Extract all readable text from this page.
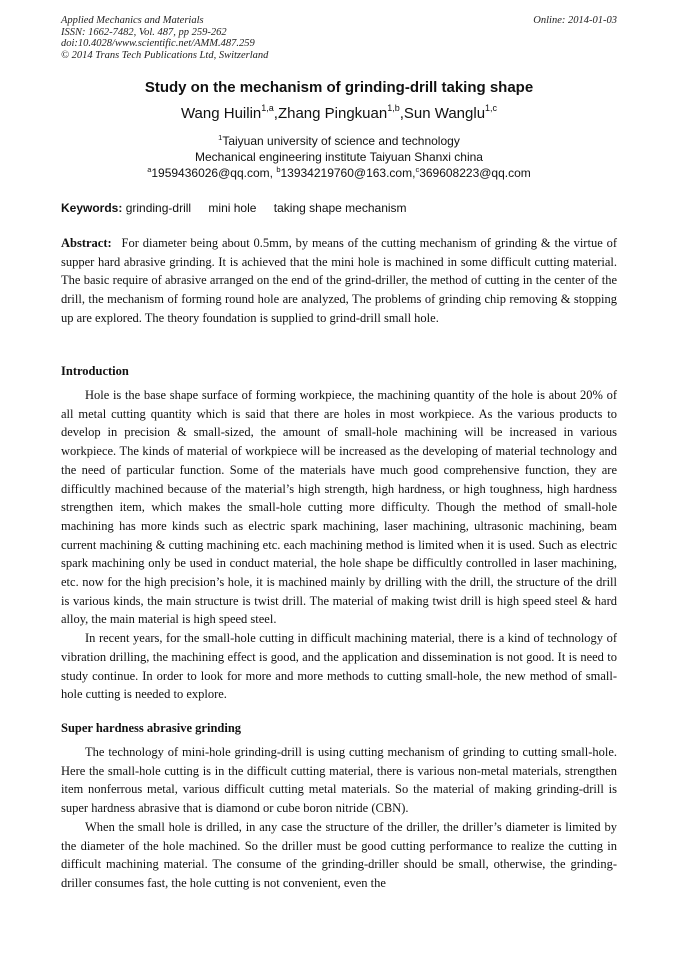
Applied Mechanics and Materials
ISSN: 1662-7482, Vol. 487, pp 259-262
doi:10.4028/www.scientific.net/AMM.487.259
© 2014 Trans Tech Publications Ltd, Switzerland
Online: 2014-01-03
Study on the mechanism of grinding-drill taking shape
Wang Huilin$^{1,a}$,Zhang Pingkuan$^{1,b}$,Sun Wanglu$^{1,c}$
$^1$Taiyuan university of science and technology
Mechanical engineering institute Taiyuan Shanxi china
$^a$1959436026@qq.com, $^b$13934219760@163.com,$^c$369608223@qq.com
Keywords: grinding-drill mini hole taking shape mechanism

Abstract: For diameter being about 0.5mm, by means of the cutting mechanism of grinding & the virtue of supper hard abrasive grinding. It is achieved that the mini hole is machined in some difficult cutting material. The basic require of abrasive arranged on the end of the grind-driller, the method of cutting in the center of the drill, the mechanism of forming round hole are analyzed, The problems of grinding chip removing & stopping up are explored. The theory foundation is supplied to grind-drill small hole.

Introduction

Hole is the base shape surface of forming workpiece, the machining quantity of the hole is about 20% of all metal cutting quantity which is said that there are holes in most workpiece. As the various products to develop in precision & small-sized, the amount of small-hole machining will be increased in various workpiece. The kinds of material of workpiece will be increased as the developing of material technology and the need of particular function. Some of the materials have much good comprehensive function, they are difficultly machined because of the material’s high strength, high hardness, or high toughness, high hardness strengthen item, which makes the small-hole cutting more difficulty. Though the method of small-hole machining has more kinds such as electric spark machining, laser machining, ultrasonic machining, beam current machining & cutting machining etc. each machining method is limited when it is used. Such as electric spark machining only be used in conduct material, the hole shape be difficultly controlled in laser machining, etc. now for the high precision’s hole, it is machined mainly by drilling with the drill, the structure of the drill is various kinds, the main structure is twist drill. The material of making twist drill is high speed steel & hard alloy, the main material is high speed steel.

In recent years, for the small-hole cutting in difficult machining material, there is a kind of technology of vibration drilling, the machining effect is good, and the application and dissemination is not good. It is need to study continue. In order to look for more and more methods to cutting small-hole, the new method of small-hole cutting is needed to explore.

Super hardness abrasive grinding

The technology of mini-hole grinding-drill is using cutting mechanism of grinding to cutting small-hole. Here the small-hole cutting is in the difficult cutting material, there is various non-metal materials, strengthen item nonferrous metal, various difficult cutting metal materials. So the material of making grinding-drill is super hardness abrasive that is diamond or cube boron nitride (CBN).

When the small hole is drilled, in any case the structure of the driller, the driller’s diameter is limited by the diameter of the hole machined. So the driller must be good cutting performance to realize the cutting in difficult machining material. The consume of the grinding-driller should be small, otherwise, the grinding-driller consumes fast, the hole cutting is not convenient, even the
